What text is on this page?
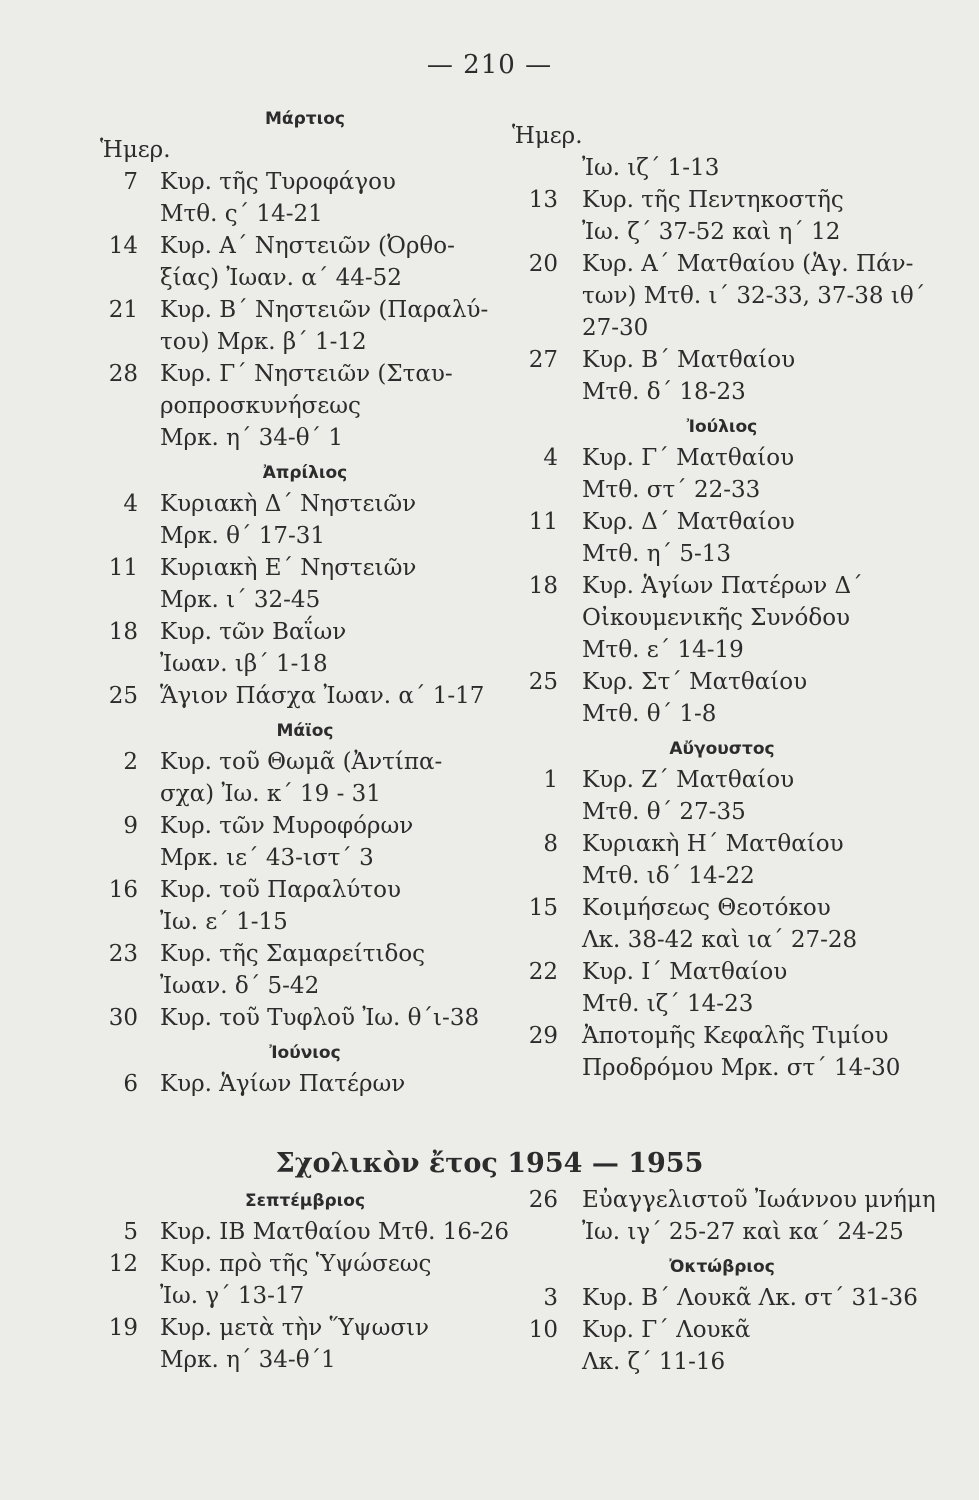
— 210 —
Μάρτιος
Ἡμερ.
7 Κυρ. τῆς Τυροφάγου
Μτθ. ς΄ 14-21
14 Κυρ. Α΄ Νηστειῶν (Ὀρθο-
ξίας) Ἰωαν. α΄ 44-52
21 Κυρ. Β΄ Νηστειῶν (Παραλύ-
του) Μρκ. β΄ 1-12
28 Κυρ. Γ΄ Νηστειῶν (Σταυ-
ροπροσκυνήσεως
Μρκ. η΄ 34-θ΄ 1
Ἀπρίλιος
4 Κυριακὴ Δ΄ Νηστειῶν
Μρκ. θ΄ 17-31
11 Κυριακὴ Ε΄ Νηστειῶν
Μρκ. ι΄ 32-45
18 Κυρ. τῶν Βαΐων
Ἰωαν. ιβ΄ 1-18
25 Ἅγιον Πάσχα Ἰωαν. α΄ 1-17
Μάϊος
2 Κυρ. τοῦ Θωμᾶ (Ἀντίπα-
σχα) Ἰω. κ΄ 19 - 31
9 Κυρ. τῶν Μυροφόρων
Μρκ. ιε΄ 43-ιστ΄ 3
16 Κυρ. τοῦ Παραλύτου
Ἰω. ε΄ 1-15
23 Κυρ. τῆς Σαμαρείτιδος
Ἰωαν. δ΄ 5-42
30 Κυρ. τοῦ Τυφλοῦ Ἰω. θ΄ι-38
Ἰούνιος
6 Κυρ. Ἁγίων Πατέρων
Ἡμερ.
Ἰω. ιζ΄ 1-13
13 Κυρ. τῆς Πεντηκοστῆς
Ἰω. ζ΄ 37-52 καὶ η΄ 12
20 Κυρ. Α΄ Ματθαίου (Ἁγ. Πάν-
των) Μτθ. ι΄ 32-33, 37-38 ιθ΄
27-30
27 Κυρ. Β΄ Ματθαίου
Μτθ. δ΄ 18-23
Ἰούλιος
4 Κυρ. Γ΄ Ματθαίου
Μτθ. στ΄ 22-33
11 Κυρ. Δ΄ Ματθαίου
Μτθ. η΄ 5-13
18 Κυρ. Ἁγίων Πατέρων Δ΄
Οἰκουμενικῆς Συνόδου
Μτθ. ε΄ 14-19
25 Κυρ. Στ΄ Ματθαίου
Μτθ. θ΄ 1-8
Αὔγουστος
1 Κυρ. Ζ΄ Ματθαίου
Μτθ. θ΄ 27-35
8 Κυριακὴ Η΄ Ματθαίου
Μτθ. ιδ΄ 14-22
15 Κοιμήσεως Θεοτόκου
Λκ. 38-42 καὶ ια΄ 27-28
22 Κυρ. Ι΄ Ματθαίου
Μτθ. ιζ΄ 14-23
29 Ἀποτομῆς Κεφαλῆς Τιμίου
Προδρόμου Μρκ. στ΄ 14-30
Σχολικὸν ἔτος 1954 — 1955
Σεπτέμβριος
5 Κυρ. ΙΒ Ματθαίου Μτθ. 16-26
12 Κυρ. πρὸ τῆς Ὑψώσεως
Ἰω. γ΄ 13-17
19 Κυρ. μετὰ τὴν Ὕψωσιν
Μρκ. η΄ 34-θ΄1
26 Εὐαγγελιστοῦ Ἰωάννου μνήμη
Ἰω. ιγ΄ 25-27 καὶ κα΄ 24-25
Ὀκτώβριος
3 Κυρ. Β΄ Λουκᾶ Λκ. στ΄ 31-36
10 Κυρ. Γ΄ Λουκᾶ
Λκ. ζ΄ 11-16
